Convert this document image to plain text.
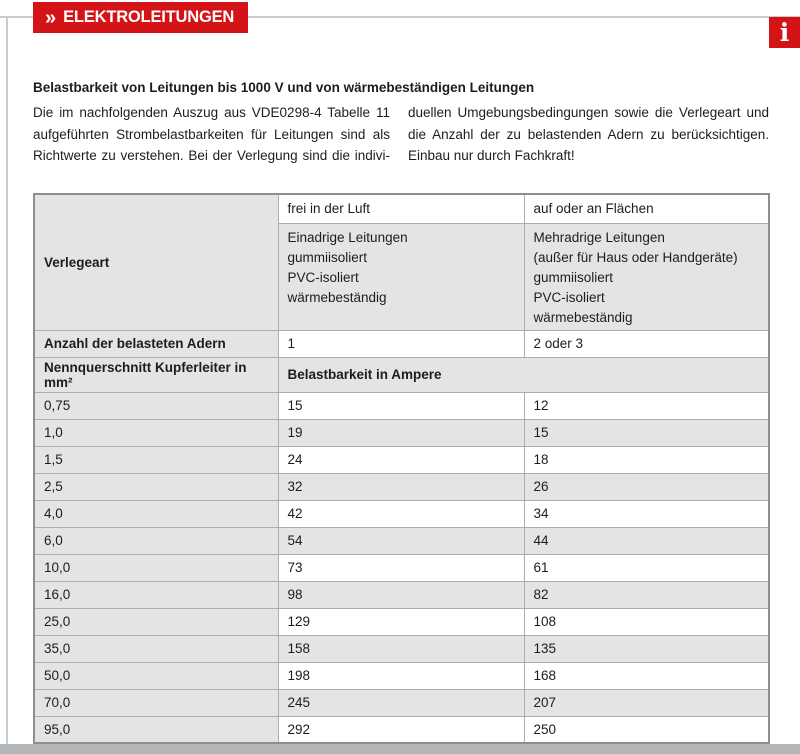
» ELEKTROLEITUNGEN
i
Belastbarkeit von Leitungen bis 1000 V und von wärmebeständigen Leitungen
Die im nachfolgenden Auszug aus VDE0298-4 Tabelle 11
aufgeführten Strombelastbarkeiten für Leitungen sind als
Richtwerte zu verstehen. Bei der Verlegung sind die indivi-
duellen Umgebungsbedingungen sowie die Verlegeart und
die Anzahl der zu belastenden Adern zu berücksichtigen.
Einbau nur durch Fachkraft!
Verlegeart	frei in der Luft	auf oder an Flächen

Einadrige Leitungen
gummiisoliert
PVC-isoliert
wärmebeständig

Mehradrige Leitungen
(außer für Haus oder Handgeräte)
gummiisoliert
PVC-isoliert
wärmebeständig

Anzahl der belasteten Adern	1	2 oder 3
Nennquerschnitt Kupferleiter in mm²	Belastbarkeit in Ampere	
0,75	15	12
1,0	19	15
1,5	24	18
2,5	32	26
4,0	42	34
6,0	54	44
10,0	73	61
16,0	98	82
25,0	129	108
35,0	158	135
50,0	198	168
70,0	245	207
95,0	292	250
